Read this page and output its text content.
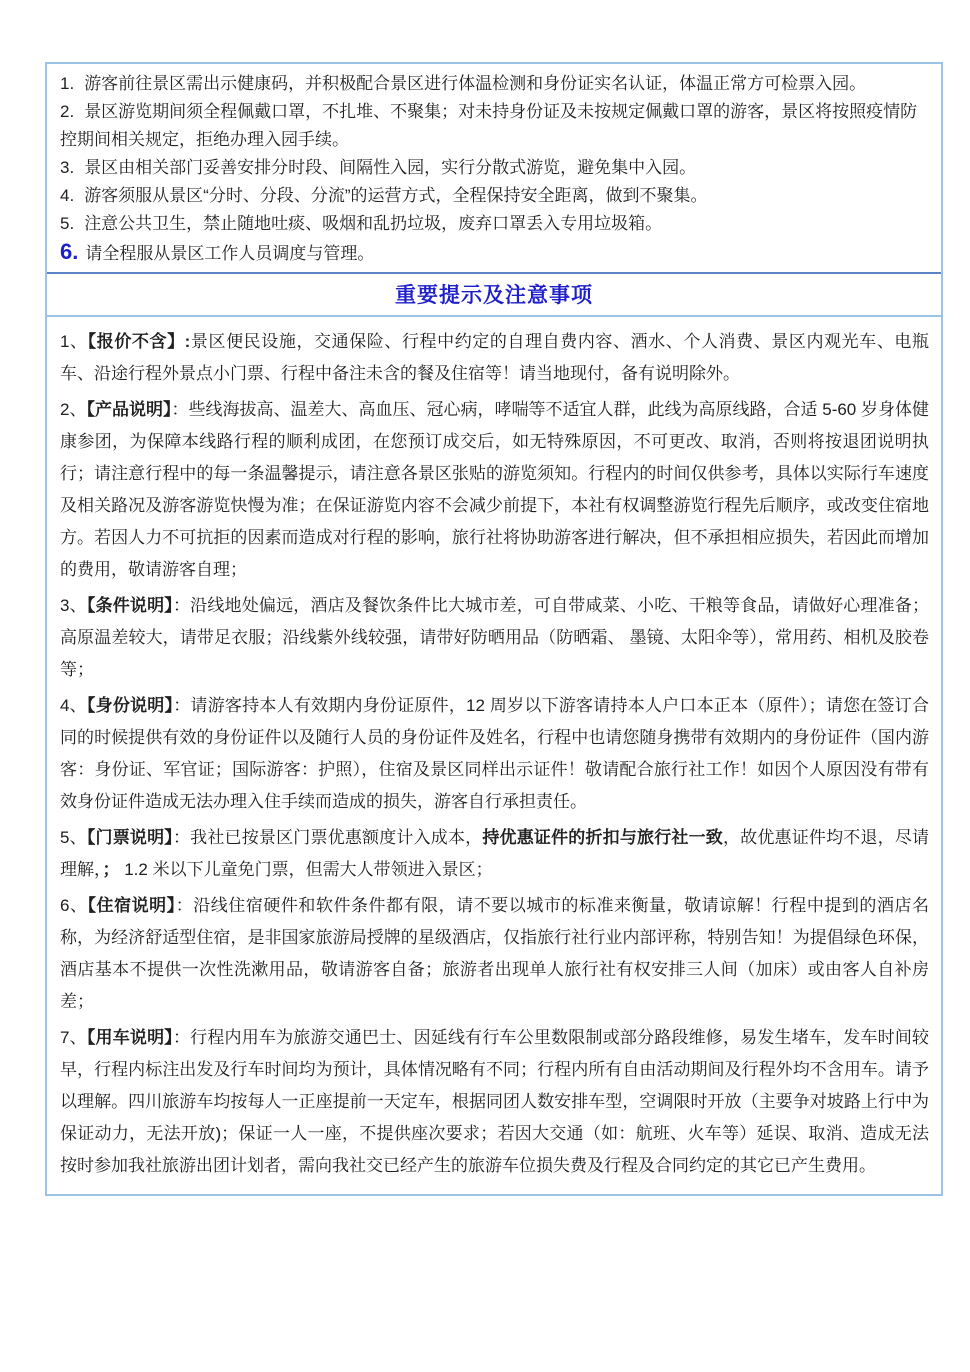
1. 游客前往景区需出示健康码，并积极配合景区进行体温检测和身份证实名认证，体温正常方可检票入园。
2. 景区游览期间须全程佩戴口罩，不扎堆、不聚集；对未持身份证及未按规定佩戴口罩的游客，景区将按照疫情防控期间相关规定，拒绝办理入园手续。
3. 景区由相关部门妥善安排分时段、间隔性入园，实行分散式游览，避免集中入园。
4. 游客须服从景区“分时、分段、分流”的运营方式，全程保持安全距离，做到不聚集。
5. 注意公共卫生，禁止随地吐痰、吸烟和乱扔垃圾，废弃口罩丢入专用垃圾箱。
6. 请全程服从景区工作人员调度与管理。
重要提示及注意事项

1、【报价不含】:景区便民设施，交通保险、行程中约定的自理自费内容、酒水、个人消费、景区内观光车、电瓶车、沿途行程外景点小门票、行程中备注未含的餐及住宿等！请当地现付，备有说明除外。

2、【产品说明】：些线海拔高、温差大、高血压、冠心病，哮喘等不适宜人群，此线为高原线路，合适 5-60 岁身体健康参团，为保障本线路行程的顺利成团，在您预订成交后，如无特殊原因，不可更改、取消，否则将按退团说明执行；请注意行程中的每一条温馨提示，请注意各景区张贴的游览须知。行程内的时间仅供参考，具体以实际行车速度及相关路况及游客游览快慢为准；在保证游览内容不会减少前提下，本社有权调整游览行程先后顺序，或改变住宿地方。若因人力不可抗拒的因素而造成对行程的影响，旅行社将协助游客进行解决，但不承担相应损失，若因此而增加的费用，敬请游客自理；

3、【条件说明】：沿线地处偏远，酒店及餐饮条件比大城市差，可自带咸菜、小吃、干粮等食品，请做好心理准备；高原温差较大，请带足衣服；沿线紫外线较强，请带好防晒用品（防晒霜、 墨镜、太阳伞等），常用药、相机及胶卷等；

4、【身份说明】：请游客持本人有效期内身份证原件，12 周岁以下游客请持本人户口本正本（原件）；请您在签订合同的时候提供有效的身份证件以及随行人员的身份证件及姓名，行程中也请您随身携带有效期内的身份证件（国内游客：身份证、军官证；国际游客：护照），住宿及景区同样出示证件！敬请配合旅行社工作！如因个人原因没有带有效身份证件造成无法办理入住手续而造成的损失，游客自行承担责任。

5、【门票说明】：我社已按景区门票优惠额度计入成本，持优惠证件的折扣与旅行社一致，故优惠证件均不退，尽请理解，； 1.2 米以下儿童免门票，但需大人带领进入景区；

6、【住宿说明】：沿线住宿硬件和软件条件都有限，请不要以城市的标准来衡量，敬请谅解！行程中提到的酒店名称，为经济舒适型住宿，是非国家旅游局授牌的星级酒店，仅指旅行社行业内部评称，特别告知！为提倡绿色环保，酒店基本不提供一次性洗漱用品，敬请游客自备；旅游者出现单人旅行社有权安排三人间（加床）或由客人自补房差；

7、【用车说明】：行程内用车为旅游交通巴士、因延线有行车公里数限制或部分路段维修，易发生堵车，发车时间较早，行程内标注出发及行车时间均为预计，具体情况略有不同；行程内所有自由活动期间及行程外均不含用车。请予以理解。四川旅游车均按每人一正座提前一天定车，根据同团人数安排车型，空调限时开放（主要争对坡路上行中为保证动力，无法开放)；保证一人一座，不提供座次要求；若因大交通（如：航班、火车等）延误、取消、造成无法按时参加我社旅游出团计划者，需向我社交已经产生的旅游车位损失费及行程及合同约定的其它已产生费用。
